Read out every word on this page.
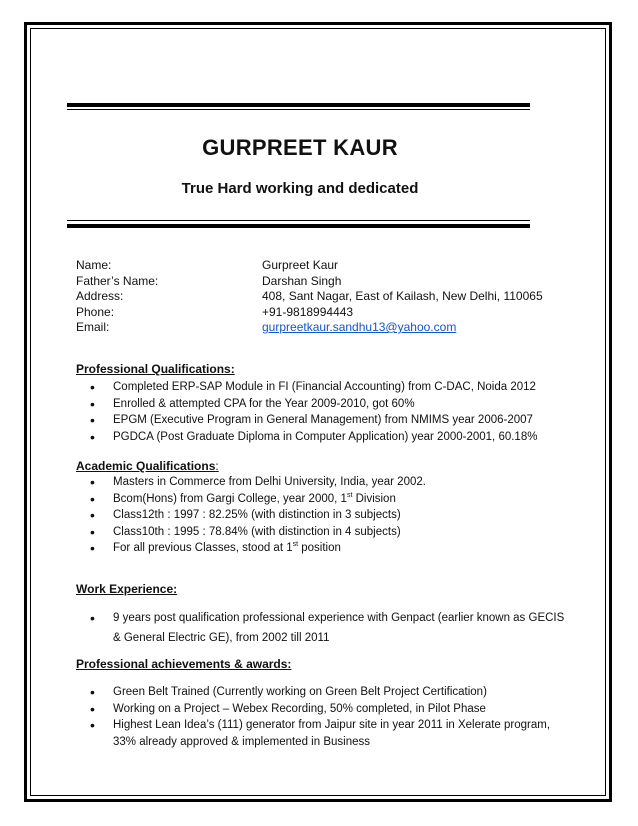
GURPREET KAUR
True Hard working and dedicated
Name:	Gurpreet Kaur
Father’s Name:	Darshan Singh
Address:	408, Sant Nagar, East of Kailash, New Delhi, 110065
Phone:	+91-9818994443
Email:	gurpreetkaur.sandhu13@yahoo.com
Professional Qualifications:
• Completed ERP-SAP Module in FI (Financial Accounting) from C-DAC, Noida 2012
• Enrolled & attempted CPA for the Year 2009-2010, got 60%
• EPGM (Executive Program in General Management) from NMIMS year 2006-2007
• PGDCA (Post Graduate Diploma in Computer Application) year 2000-2001, 60.18%
Academic Qualifications:
• Masters in Commerce from Delhi University, India, year 2002.
• Bcom(Hons) from Gargi College, year 2000, 1st Division
• Class12th : 1997 : 82.25% (with distinction in 3 subjects)
• Class10th : 1995 : 78.84% (with distinction in 4 subjects)
• For all previous Classes, stood at 1st position
Work Experience:
• 9 years post qualification professional experience with Genpact (earlier known as GECIS
& General Electric GE), from 2002 till 2011
Professional achievements & awards:
• Green Belt Trained (Currently working on Green Belt Project Certification)
• Working on a Project – Webex Recording, 50% completed, in Pilot Phase
• Highest Lean Idea’s (111) generator from Jaipur site in year 2011 in Xelerate program,
33% already approved & implemented in Business
